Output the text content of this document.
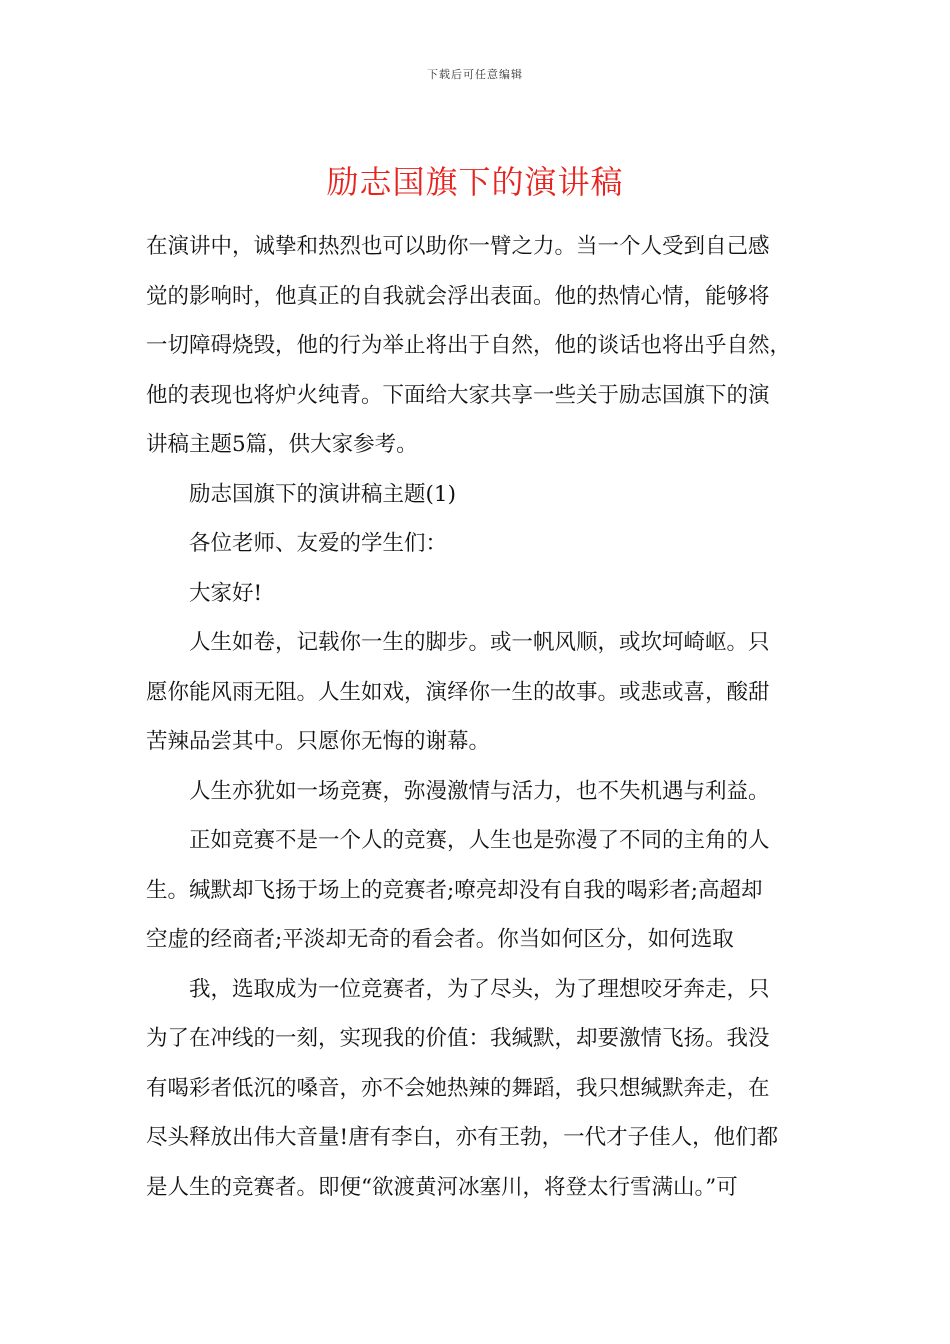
下载后可任意编辑
励志国旗下的演讲稿
在演讲中，诚挚和热烈也可以助你一臂之力。当一个人受到自己感
觉的影响时，他真正的自我就会浮出表面。他的热情心情，能够将
一切障碍烧毁，他的行为举止将出于自然，他的谈话也将出乎自然，
他的表现也将炉火纯青。下面给大家共享一些关于励志国旗下的演
讲稿主题5篇，供大家参考。
励志国旗下的演讲稿主题(1)
各位老师、友爱的学生们：
大家好!
人生如卷，记载你一生的脚步。或一帆风顺，或坎坷崎岖。只
愿你能风雨无阻。人生如戏，演绎你一生的故事。或悲或喜，酸甜
苦辣品尝其中。只愿你无悔的谢幕。
人生亦犹如一场竞赛，弥漫激情与活力，也不失机遇与利益。
正如竞赛不是一个人的竞赛，人生也是弥漫了不同的主角的人
生。缄默却飞扬于场上的竞赛者;嘹亮却没有自我的喝彩者;高超却
空虚的经商者;平淡却无奇的看会者。你当如何区分，如何选取
我，选取成为一位竞赛者，为了尽头，为了理想咬牙奔走，只
为了在冲线的一刻，实现我的价值：我缄默，却要激情飞扬。我没
有喝彩者低沉的嗓音，亦不会她热辣的舞蹈，我只想缄默奔走，在
尽头释放出伟大音量!唐有李白，亦有王勃，一代才子佳人，他们都
是人生的竞赛者。即便“欲渡黄河冰塞川，将登太行雪满山。”可
